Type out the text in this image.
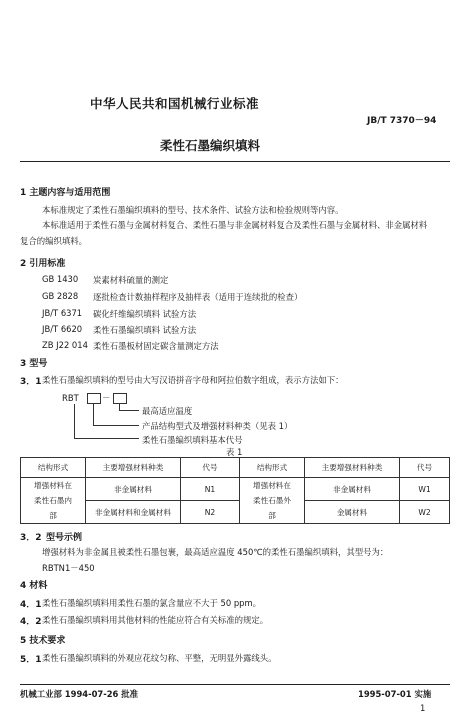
中华人民共和国机械行业标准
JB/T 7370－94
柔性石墨编织填料
1 主题内容与适用范围
本标准规定了柔性石墨编织填料的型号、技术条件、试验方法和检验规则等内容。
本标准适用于柔性石墨与金属材料复合、柔性石墨与非金属材料复合及柔性石墨与金属材料、非金属材料复合的编织填料。
2 引用标准
GB 1430 炭素材料硫量的测定
GB 2828 逐批检查计数抽样程序及抽样表（适用于连续批的检查）
JB/T 6371 碳化纤维编织填料 试验方法
JB/T 6620 柔性石墨编织填料 试验方法
ZB J22 014 柔性石墨板材固定碳含量测定方法
3 型号
3．1 柔性石墨编织填料的型号由大写汉语拼音字母和阿拉伯数字组成，表示方法如下：
RBT	－
最高适应温度
产品结构型式及增强材料种类（见表 1）
柔性石墨编织填料基本代号
表 1
结构形式	主要增强材料种类	代号	结构形式	主要增强材料种类	代号
增强材料在柔性石墨内部	非金属材料	N1	增强材料在柔性石墨外部	非金属材料	W1
	非金属材料和金属材料	N2		金属材料	W2
3．2 型号示例
增强材料为非金属且被柔性石墨包裹，最高适应温度 450℃的柔性石墨编织填料，其型号为：
RBTN1－450
4 材料
4．1 柔性石墨编织填料用柔性石墨的氯含量应不大于 50 ppm。
4．2 柔性石墨编织填料用其他材料的性能应符合有关标准的规定。
5 技术要求
5．1 柔性石墨编织填料的外观应花纹匀称、平整，无明显外露线头。
机械工业部 1994-07-26 批准	1995-07-01 实施
1
